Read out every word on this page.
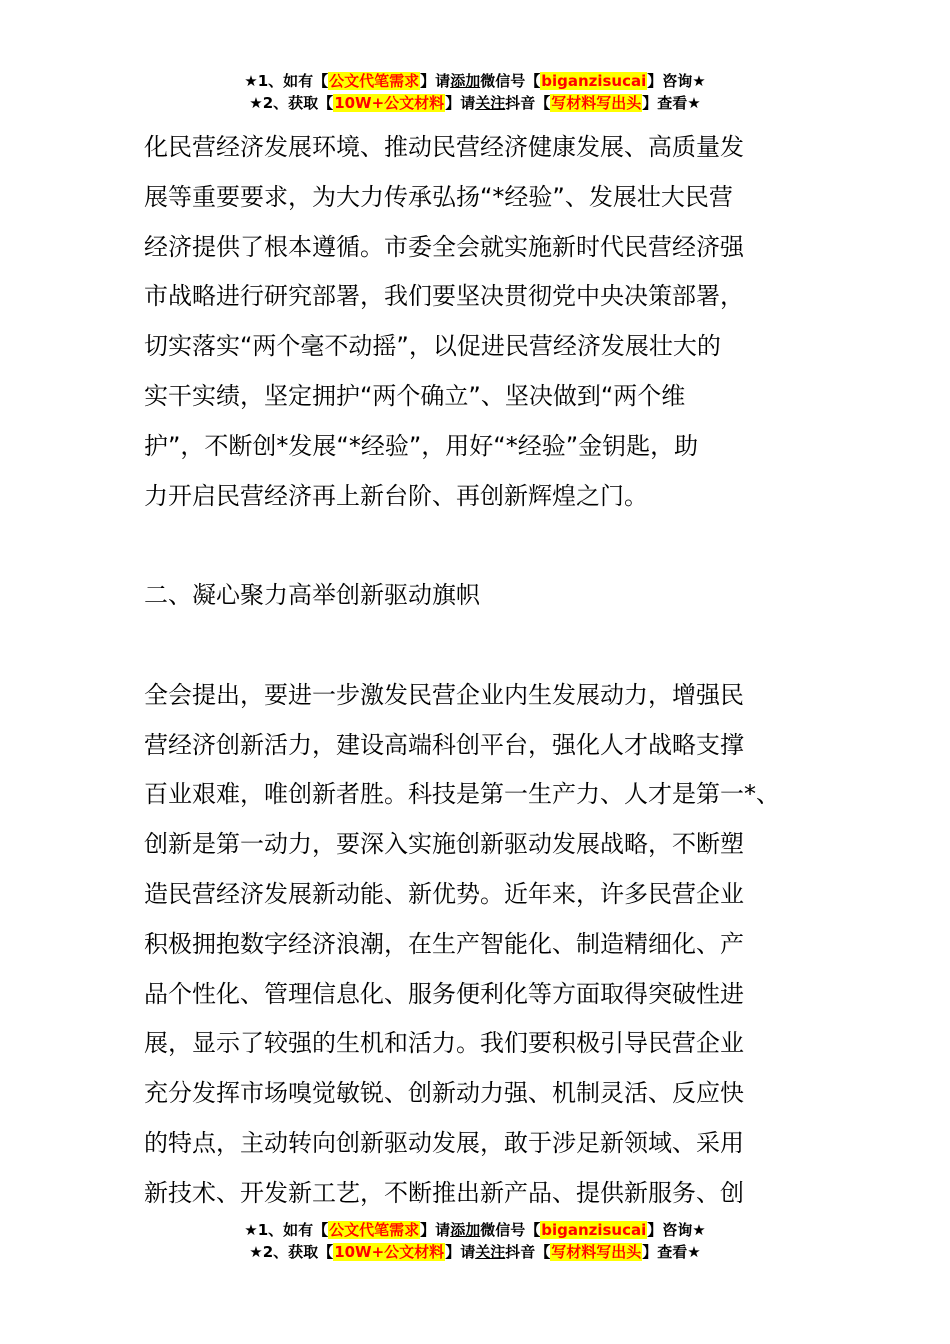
★1、如有【公文代笔需求】请添加微信号【biganzisucai】咨询★
★2、获取【10W+公文材料】请关注抖音【写材料写出头】查看★
化民营经济发展环境、推动民营经济健康发展、高质量发
展等重要要求，为大力传承弘扬“*经验”、发展壮大民营
经济提供了根本遵循。市委全会就实施新时代民营经济强
市战略进行研究部署，我们要坚决贯彻党中央决策部署，
切实落实“两个毫不动摇”，以促进民营经济发展壮大的
实干实绩，坚定拥护“两个确立”、坚决做到“两个维
护”，不断创*发展“*经验”，用好“*经验”金钥匙，助
力开启民营经济再上新台阶、再创新辉煌之门。
二、凝心聚力高举创新驱动旗帜
全会提出，要进一步激发民营企业内生发展动力，增强民
营经济创新活力，建设高端科创平台，强化人才战略支撑
百业艰难，唯创新者胜。科技是第一生产力、人才是第一*、
创新是第一动力，要深入实施创新驱动发展战略，不断塑
造民营经济发展新动能、新优势。近年来，许多民营企业
积极拥抱数字经济浪潮，在生产智能化、制造精细化、产
品个性化、管理信息化、服务便利化等方面取得突破性进
展，显示了较强的生机和活力。我们要积极引导民营企业
充分发挥市场嗅觉敏锐、创新动力强、机制灵活、反应快
的特点，主动转向创新驱动发展，敢于涉足新领域、采用
新技术、开发新工艺，不断推出新产品、提供新服务、创
★1、如有【公文代笔需求】请添加微信号【biganzisucai】咨询★
★2、获取【10W+公文材料】请关注抖音【写材料写出头】查看★
